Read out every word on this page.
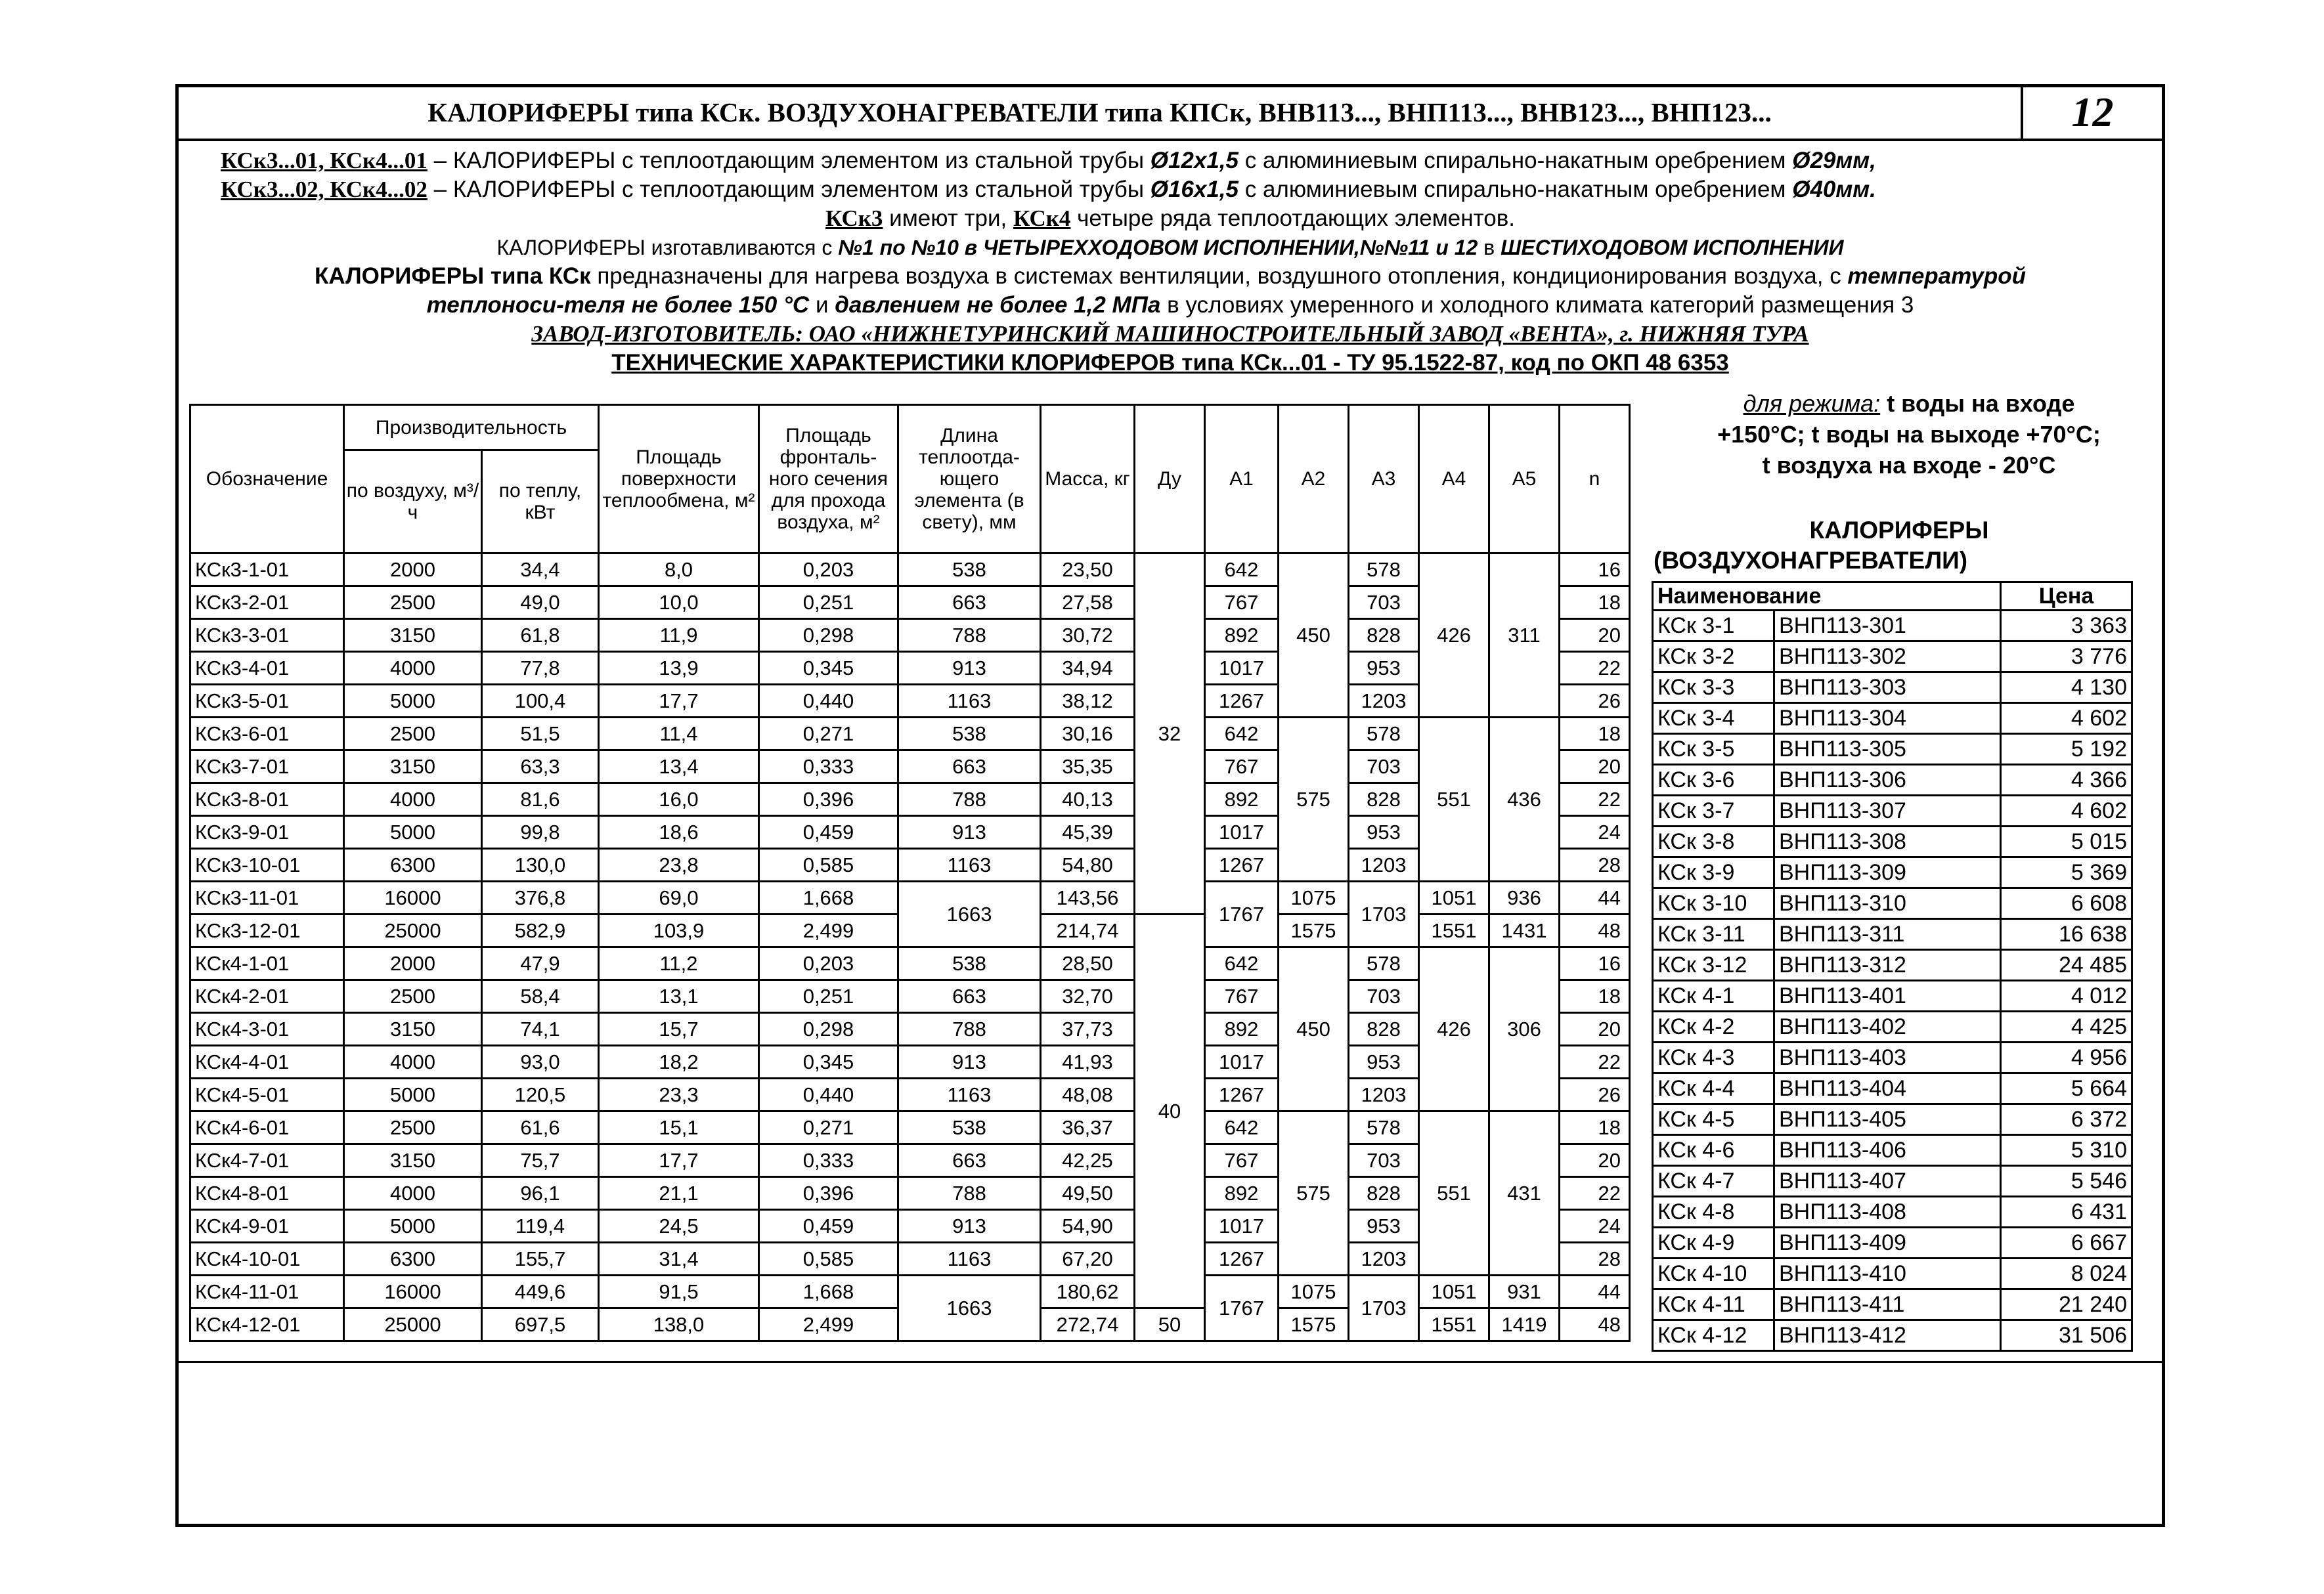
КАЛОРИФЕРЫ типа КСк. ВОЗДУХОНАГРЕВАТЕЛИ типа КПСк, ВНВ113..., ВНП113..., ВНВ123..., ВНП123...	12
КСк3...01, КСк4...01 – КАЛОРИФЕРЫ с теплоотдающим элементом из стальной трубы Ø12х1,5 с алюминиевым спирально-накатным оребрением Ø29мм,
КСк3...02, КСк4...02 – КАЛОРИФЕРЫ с теплоотдающим элементом из стальной трубы Ø16х1,5 с алюминиевым спирально-накатным оребрением Ø40мм.
КСк3 имеют три, КСк4 четыре ряда теплоотдающих элементов.
КАЛОРИФЕРЫ изготавливаются с №1 по №10 в ЧЕТЫРЕХХОДОВОМ ИСПОЛНЕНИИ,№№11 и 12 в ШЕСТИХОДОВОМ ИСПОЛНЕНИИ
КАЛОРИФЕРЫ типа КСк предназначены для нагрева воздуха в системах вентиляции, воздушного отопления, кондиционирования воздуха, с температурой
теплоноси-теля не более 150 °С и давлением не более 1,2 МПа в условиях умеренного и холодного климата категорий размещения 3
ЗАВОД-ИЗГОТОВИТЕЛЬ: ОАО «НИЖНЕТУРИНСКИЙ МАШИНОСТРОИТЕЛЬНЫЙ ЗАВОД «ВЕНТА», г. НИЖНЯЯ ТУРА
ТЕХНИЧЕСКИЕ ХАРАКТЕРИСТИКИ КЛОРИФЕРОВ типа КСк...01 - ТУ 95.1522-87, код по ОКП 48 6353
Обозначение	Производительность		Площадь поверхности теплообмена, м²	Площадь фронталь-ного сечения для прохода воздуха, м²	Длина теплоотда-ющего элемента (в свету), мм	Масса, кг	Ду	А1	А2	А3	А4	А5	n
	по воздуху, м³/ч	по теплу, кВт											
КСк3-1-01	2000	34,4	8,0	0,203	538	23,50	32	642	450	578	426	311	16
КСк3-2-01	2500	49,0	10,0	0,251	663	27,58		767		703			18
КСк3-3-01	3150	61,8	11,9	0,298	788	30,72		892		828			20
КСк3-4-01	4000	77,8	13,9	0,345	913	34,94		1017		953			22
КСк3-5-01	5000	100,4	17,7	0,440	1163	38,12		1267		1203			26
КСк3-6-01	2500	51,5	11,4	0,271	538	30,16		642	575	578	551	436	18
КСк3-7-01	3150	63,3	13,4	0,333	663	35,35		767		703			20
КСк3-8-01	4000	81,6	16,0	0,396	788	40,13		892		828			22
КСк3-9-01	5000	99,8	18,6	0,459	913	45,39		1017		953			24
КСк3-10-01	6300	130,0	23,8	0,585	1163	54,80		1267		1203			28
КСк3-11-01	16000	376,8	69,0	1,668	1663	143,56		1767	1075	1703	1051	936	44
КСк3-12-01	25000	582,9	103,9	2,499		214,74	40		1575		1551	1431	48
КСк4-1-01	2000	47,9	11,2	0,203	538	28,50		642	450	578	426	306	16
КСк4-2-01	2500	58,4	13,1	0,251	663	32,70		767		703			18
КСк4-3-01	3150	74,1	15,7	0,298	788	37,73		892		828			20
КСк4-4-01	4000	93,0	18,2	0,345	913	41,93		1017		953			22
КСк4-5-01	5000	120,5	23,3	0,440	1163	48,08		1267		1203			26
КСк4-6-01	2500	61,6	15,1	0,271	538	36,37		642	575	578	551	431	18
КСк4-7-01	3150	75,7	17,7	0,333	663	42,25		767		703			20
КСк4-8-01	4000	96,1	21,1	0,396	788	49,50		892		828			22
КСк4-9-01	5000	119,4	24,5	0,459	913	54,90		1017		953			24
КСк4-10-01	6300	155,7	31,4	0,585	1163	67,20		1267		1203			28
КСк4-11-01	16000	449,6	91,5	1,668	1663	180,62		1767	1075	1703	1051	931	44
КСк4-12-01	25000	697,5	138,0	2,499		272,74	50		1575		1551	1419	48
для режима: t воды на входе
+150°С; t воды на выходе +70°С;
t воздуха на входе - 20°С
КАЛОРИФЕРЫ
(ВОЗДУХОНАГРЕВАТЕЛИ)
Наименование		Цена
КСк 3-1	ВНП113-301	3 363
КСк 3-2	ВНП113-302	3 776
КСк 3-3	ВНП113-303	4 130
КСк 3-4	ВНП113-304	4 602
КСк 3-5	ВНП113-305	5 192
КСк 3-6	ВНП113-306	4 366
КСк 3-7	ВНП113-307	4 602
КСк 3-8	ВНП113-308	5 015
КСк 3-9	ВНП113-309	5 369
КСк 3-10	ВНП113-310	6 608
КСк 3-11	ВНП113-311	16 638
КСк 3-12	ВНП113-312	24 485
КСк 4-1	ВНП113-401	4 012
КСк 4-2	ВНП113-402	4 425
КСк 4-3	ВНП113-403	4 956
КСк 4-4	ВНП113-404	5 664
КСк 4-5	ВНП113-405	6 372
КСк 4-6	ВНП113-406	5 310
КСк 4-7	ВНП113-407	5 546
КСк 4-8	ВНП113-408	6 431
КСк 4-9	ВНП113-409	6 667
КСк 4-10	ВНП113-410	8 024
КСк 4-11	ВНП113-411	21 240
КСк 4-12	ВНП113-412	31 506
